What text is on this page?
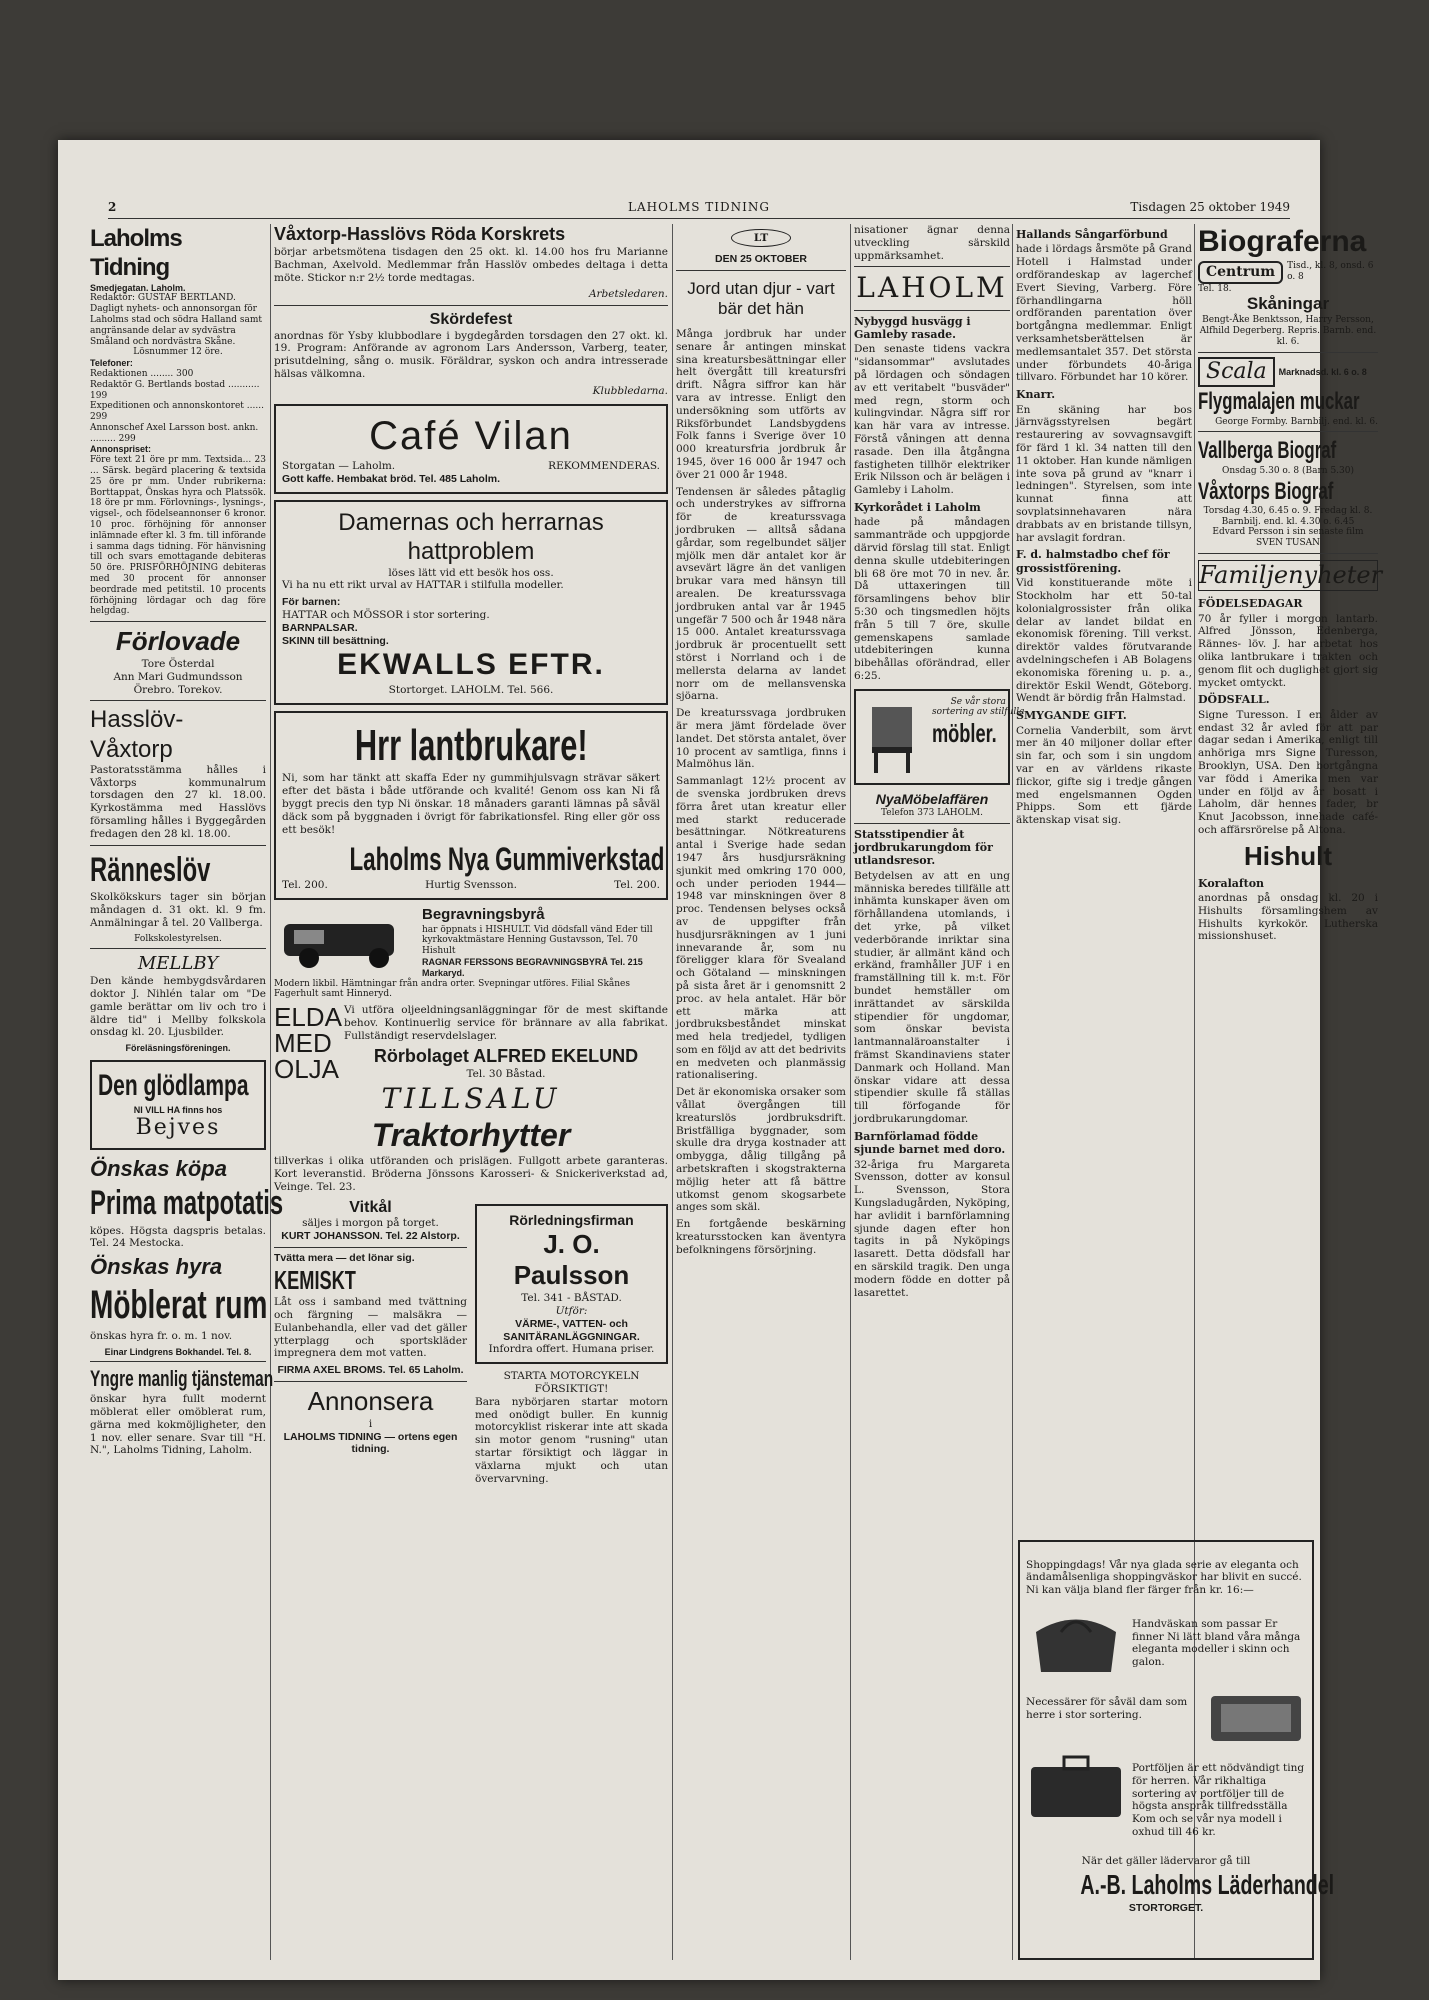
2	LAHOLMS TIDNING	Tisdagen 25 oktober 1949
Laholms Tidning
Smedjegatan. Laholm.
Redaktör: GUSTAF BERTLAND. Dagligt nyhets- och annonsorgan för Laholms stad och södra Halland samt angränsande delar av sydvästra Småland och nordvästra Skåne.
Lösnummer 12 öre.
Telefoner:
Redaktionen ........ 300
Redaktör G. Bertlands bostad ........... 199
Expeditionen och annonskontoret ...... 299
Annonschef Axel Larsson bost. ankn. ......... 299
Annonspriset:
Före text 21 öre pr mm. Textsida... 23 ... Särsk. begärd placering & textsida 25 öre pr mm. Under rubrikerna: Borttappat, Önskas hyra och Platssök. 18 öre pr mm. Förlovnings-, lysnings-, vigsel-, och födelseannonser 6 kronor. 10 proc. förhöjning för annonser inlämnade efter kl. 3 fm. till införande i samma dags tidning. För hänvisning till och svars emottagande debiteras 50 öre. PRISFÖRHÖJNING debiteras med 30 procent för annonser beordrade med petitstil. 10 procents förhöjning lördagar och dag före helgdag.
Förlovade
Tore Österdal
Ann Mari Gudmundsson
Örebro. Torekov.
Hasslöv-Våxtorp

Pastoratsstämma hålles i Våxtorps kommunalrum torsdagen den 27 kl. 18.00. Kyrkostämma med Hasslövs församling hålles i Byggegården fredagen den 28 kl. 18.00.

Ränneslöv

Skolkökskurs tager sin början måndagen d. 31 okt. kl. 9 fm. Anmälningar å tel. 20 Vallberga.

Folkskolestyrelsen.
MELLBY

Den kände hembygdsvårdaren doktor J. Nihlén talar om "De gamle berättar om liv och tro i äldre tid" i Mellby folkskola onsdag kl. 20. Ljusbilder.

Föreläsningsföreningen.
Den glödlampa
NI VILL HA finns hos
Bejves
Önskas köpa
Prima matpotatis

köpes. Högsta dagspris betalas. Tel. 24 Mestocka.

Önskas hyra
Möblerat rum

önskas hyra fr. o. m. 1 nov.

Einar Lindgrens Bokhandel. Tel. 8.
Yngre manlig tjänsteman

önskar hyra fullt modernt möblerat eller omöblerat rum, gärna med kokmöjligheter, den 1 nov. eller senare. Svar till "H. N.", Laholms Tidning, Laholm.

Våxtorp-Hasslövs Röda Korskrets

börjar arbetsmötena tisdagen den 25 okt. kl. 14.00 hos fru Marianne Bachman, Axelvold. Medlemmar från Hasslöv ombedes deltaga i detta möte. Stickor n:r 2½ torde medtagas.

Arbetsledaren.
Skördefest

anordnas för Ysby klubbodlare i bygdegården torsdagen den 27 okt. kl. 19. Program: Anförande av agronom Lars Andersson, Varberg, teater, prisutdelning, sång o. musik. Föräldrar, syskon och andra intresserade hälsas välkomna.

Klubbledarna.
Café Vilan
Storgatan — Laholm.	REKOMMENDERAS.
Gott kaffe. Hembakat bröd. Tel. 485 Laholm.
Damernas och herrarnas hattproblem
löses lätt vid ett besök hos oss.

Vi ha nu ett rikt urval av HATTAR i stilfulla modeller.

För barnen:
HATTAR och MÖSSOR i stor sortering.
BARNPALSAR.
SKINN till besättning.
EKWALLS EFTR.
Stortorget. LAHOLM. Tel. 566.
Hrr lantbrukare!

Ni, som har tänkt att skaffa Eder ny gummihjulsvagn strävar säkert efter det bästa i både utförande och kvalité! Genom oss kan Ni få byggt precis den typ Ni önskar. 18 månaders garanti lämnas på såväl däck som på byggnaden i övrigt för fabrikationsfel. Ring eller gör oss ett besök!

Laholms Nya Gummiverkstad
Tel. 200.	Hurtig Svensson.	Tel. 200.
Begravningsbyrå
har öppnats i HISHULT. Vid dödsfall vänd Eder till kyrkovaktmästare Henning Gustavsson, Tel. 70 Hishult
RAGNAR FERSSONS BEGRAVNINGSBYRÅ Tel. 215 Markaryd.
Modern likbil. Hämtningar från andra orter. Svepningar utföres. Filial Skånes Fagerhult samt Hinneryd.
ELDA
MED
OLJA

Vi utföra oljeeldningsanläggningar för de mest skiftande behov. Kontinuerlig service för brännare av alla fabrikat. Fullständigt reservdelslager.

Rörbolaget ALFRED EKELUND
Tel. 30 Båstad.
TILLSALU
Traktorhytter

tillverkas i olika utföranden och prislägen. Fullgott arbete garanteras. Kort leveranstid. Bröderna Jönssons Karosseri- & Snickeriverkstad ad, Veinge. Tel. 23.

Vitkål
säljes i morgon på torget.
KURT JOHANSSON. Tel. 22 Alstorp.
Tvätta mera — det lönar sig.
KEMISKT

Låt oss i samband med tvättning och färgning — malsäkra — Eulanbehandla, eller vad det gäller ytterplagg och sportskläder impregnera dem mot vatten.

FIRMA AXEL BROMS. Tel. 65 Laholm.
Annonsera
i
LAHOLMS TIDNING — ortens egen tidning.
Rörledningsfirman
J. O. Paulsson
Tel. 341 - BÅSTAD.
Utför:
VÄRME-, VATTEN- och SANITÄRANLÄGGNINGAR.
Infordra offert. Humana priser.
STARTA MOTORCYKELN FÖRSIKTIGT!

Bara nybörjaren startar motorn med onödigt buller. En kunnig motorcyklist riskerar inte att skada sin motor genom "rusning" utan startar försiktigt och läggar in växlarna mjukt och utan övervarvning.

LT
DEN 25 OKTOBER
Jord utan djur - vart bär det hän

Många jordbruk har under senare år antingen minskat sina kreatursbesättningar eller helt övergått till kreatursfri drift. Några siffror kan här vara av intresse. Enligt den undersökning som utförts av Riksförbundet Landsbygdens Folk fanns i Sverige över 10 000 kreatursfria jordbruk år 1945, över 16 000 år 1947 och över 21 000 år 1948.

Tendensen är således påtaglig och understrykes av siffrorna för de kreaturssvaga jordbruken — alltså sådana gårdar, som regelbundet säljer mjölk men där antalet kor är avsevärt lägre än det vanligen brukar vara med hänsyn till arealen. De kreaturssvaga jordbruken antal var år 1945 ungefär 7 500 och år 1948 nära 15 000. Antalet kreaturssvaga jordbruk är procentuellt sett störst i Norrland och i de mellersta delarna av landet norr om de mellansvenska sjöarna.

De kreaturssvaga jordbruken är mera jämt fördelade över landet. Det största antalet, över 10 procent av samtliga, finns i Malmöhus län.

Sammanlagt 12½ procent av de svenska jordbruken drevs förra året utan kreatur eller med starkt reducerade besättningar. Nötkreaturens antal i Sverige hade sedan 1947 års husdjursräkning sjunkit med omkring 170 000, och under perioden 1944—1948 var minskningen över 8 proc. Tendensen belyses också av de uppgifter från husdjursräkningen av 1 juni innevarande år, som nu föreligger klara för Svealand och Götaland — minskningen på sista året är i genomsnitt 2 proc. av hela antalet. Här bör ett märka att jordbruksbeståndet minskat med hela tredjedel, tydligen som en följd av att det bedrivits en medveten och planmässig rationalisering.

Det är ekonomiska orsaker som vållat övergången till kreaturslös jordbruksdrift. Bristfälliga byggnader, som skulle dra dryga kostnader att ombygga, dålig tillgång på arbetskraften i skogstrakterna möjlig heter att få bättre utkomst genom skogsarbete anges som skäl.

En fortgående beskärning kreatursstocken kan äventyra befolkningens försörjning.

nisationer ägnar denna utveckling särskild uppmärksamhet.

LAHOLM
Nybyggd husvägg i Gamleby rasade.

Den senaste tidens vackra "sidansommar" avslutades på lördagen och söndagen av ett veritabelt "busväder" med regn, storm och kulingvindar. Några siff ror kan här vara av intresse. Förstå våningen att denna rasade. Den illa åtgångna fastigheten tillhör elektriker Erik Nilsson och är belägen i Gamleby i Laholm.

Kyrkorådet i Laholm

hade på måndagen sammanträde och uppgjorde därvid förslag till stat. Enligt denna skulle utdebiteringen bli 68 öre mot 70 in nev. år. Då uttaxeringen till församlingens behov blir 5:30 och tingsmedlen höjts från 5 till 7 öre, skulle gemenskapens samlade utdebiteringen kunna bibehållas oförändrad, eller 6:25.

Se vår stora sortering av stilfulla
möbler.
NyaMöbelaffären
Telefon 373 LAHOLM.
Statsstipendier åt jordbrukarungdom för utlandsresor.

Betydelsen av att en ung människa beredes tillfälle att inhämta kunskaper även om förhållandena utomlands, i det yrke, på vilket vederbörande inriktar sina studier, är allmänt känd och erkänd, framhåller JUF i en framställning till k. m:t. För bundet hemställer om inrättandet av särskilda stipendier för ungdomar, som önskar bevista lantmannaläroanstalter i främst Skandinaviens stater Danmark och Holland. Man önskar vidare att dessa stipendier skulle få ställas till förfogande för jordbrukarungdomar.

Barnförlamad födde sjunde barnet med doro.

32-åriga fru Margareta Svensson, dotter av konsul L. Svensson, Stora Kungsladugården, Nyköping, har avlidit i barnförlamning sjunde dagen efter hon tagits in på Nyköpings lasarett. Detta dödsfall har en särskild tragik. Den unga modern födde en dotter på lasarettet.

Hallands Sångarförbund

hade i lördags årsmöte på Grand Hotell i Halmstad under ordförandeskap av lagerchef Evert Sieving, Varberg. Före förhandlingarna höll ordföranden parentation över bortgångna medlemmar. Enligt verksamhetsberättelsen är medlemsantalet 357. Det största under förbundets 40-åriga tillvaro. Förbundet har 10 körer.

Knarr.

En skäning har bos järnvägsstyrelsen begärt restaurering av sovvagnsavgift för färd 1 kl. 34 natten till den 11 oktober. Han kunde nämligen inte sova på grund av "knarr i ledningen". Styrelsen, som inte kunnat finna att sovplatsinnehavaren nära drabbats av en bristande tillsyn, har avslagit fordran.

F. d. halmstadbo chef för grossistförening.

Vid konstituerande möte i Stockholm har ett 50-tal kolonialgrossister från olika delar av landet bildat en ekonomisk förening. Till verkst. direktör valdes förutvarande avdelningschefen i AB Bolagens ekonomiska förening u. p. a., direktör Eskil Wendt, Göteborg. Wendt är bördig från Halmstad.

SMYGANDE GIFT.

Cornelia Vanderbilt, som ärvt mer än 40 miljoner dollar efter sin far, och som i sin ungdom var en av världens rikaste flickor, gifte sig i tredje gången med engelsmannen Ogden Phipps. Som ett fjärde äktenskap visat sig.

Biograferna
Centrum	Tisd., kl. 8, onsd. 6 o. 8
Tel. 18.
Skåningar
Bengt-Åke Benktsson, Harry Persson, Alfhild Degerberg. Repris. Barnb. end. kl. 6.
Scala	Marknadsd. kl. 6 o. 8
Flygmalajen muckar
George Formby. Barnbilj. end. kl. 6.
Vallberga Biograf
Onsdag 5.30 o. 8 (Barn 5.30)
Våxtorps Biograf
Torsdag 4.30, 6.45 o. 9. Fredag kl. 8. Barnbilj. end. kl. 4.30 o. 6.45
Edvard Persson i sin senaste film SVEN TUSAN
Familjenyheter
FÖDELSEDAGAR

70 år fyller i morgon lantarb. Alfred Jönsson, Edenberga, Rännes- löv. J. har arbetat hos olika lantbrukare i trakten och genom flit och duglighet gjort sig mycket omtyckt.

DÖDSFALL.

Signe Turesson. I en ålder av endast 32 år avled för att par dagar sedan i Amerika, enligt till anhöriga mrs Signe Turesson, Brooklyn, USA. Den bortgångna var född i Amerika men var under en följd av år bosatt i Laholm, där hennes fader, br Knut Jacobsson, innehade café- och affärsrörelse på Altona.

Hishult
Koralafton

anordnas på onsdag kl. 20 i Hishults församlingshem av Hishults kyrkokör. Lutherska missionshuset.

Shoppingdags! Vår nya glada serie av eleganta och ändamålsenliga shoppingväskor har blivit en succé. Ni kan välja bland fler färger från kr. 16:—

Handväskan som passar Er finner Ni lätt bland våra många eleganta modeller i skinn och galon.

Necessärer för såväl dam som herre i stor sortering.

Portföljen är ett nödvändigt ting för herren. Vår rikhaltiga sortering av portföljer till de högsta anspråk tillfredsställa Kom och se vår nya modell i oxhud till 46 kr.

När det gäller lädervaror gå till
A.-B. Laholms Läderhandel
STORTORGET.
